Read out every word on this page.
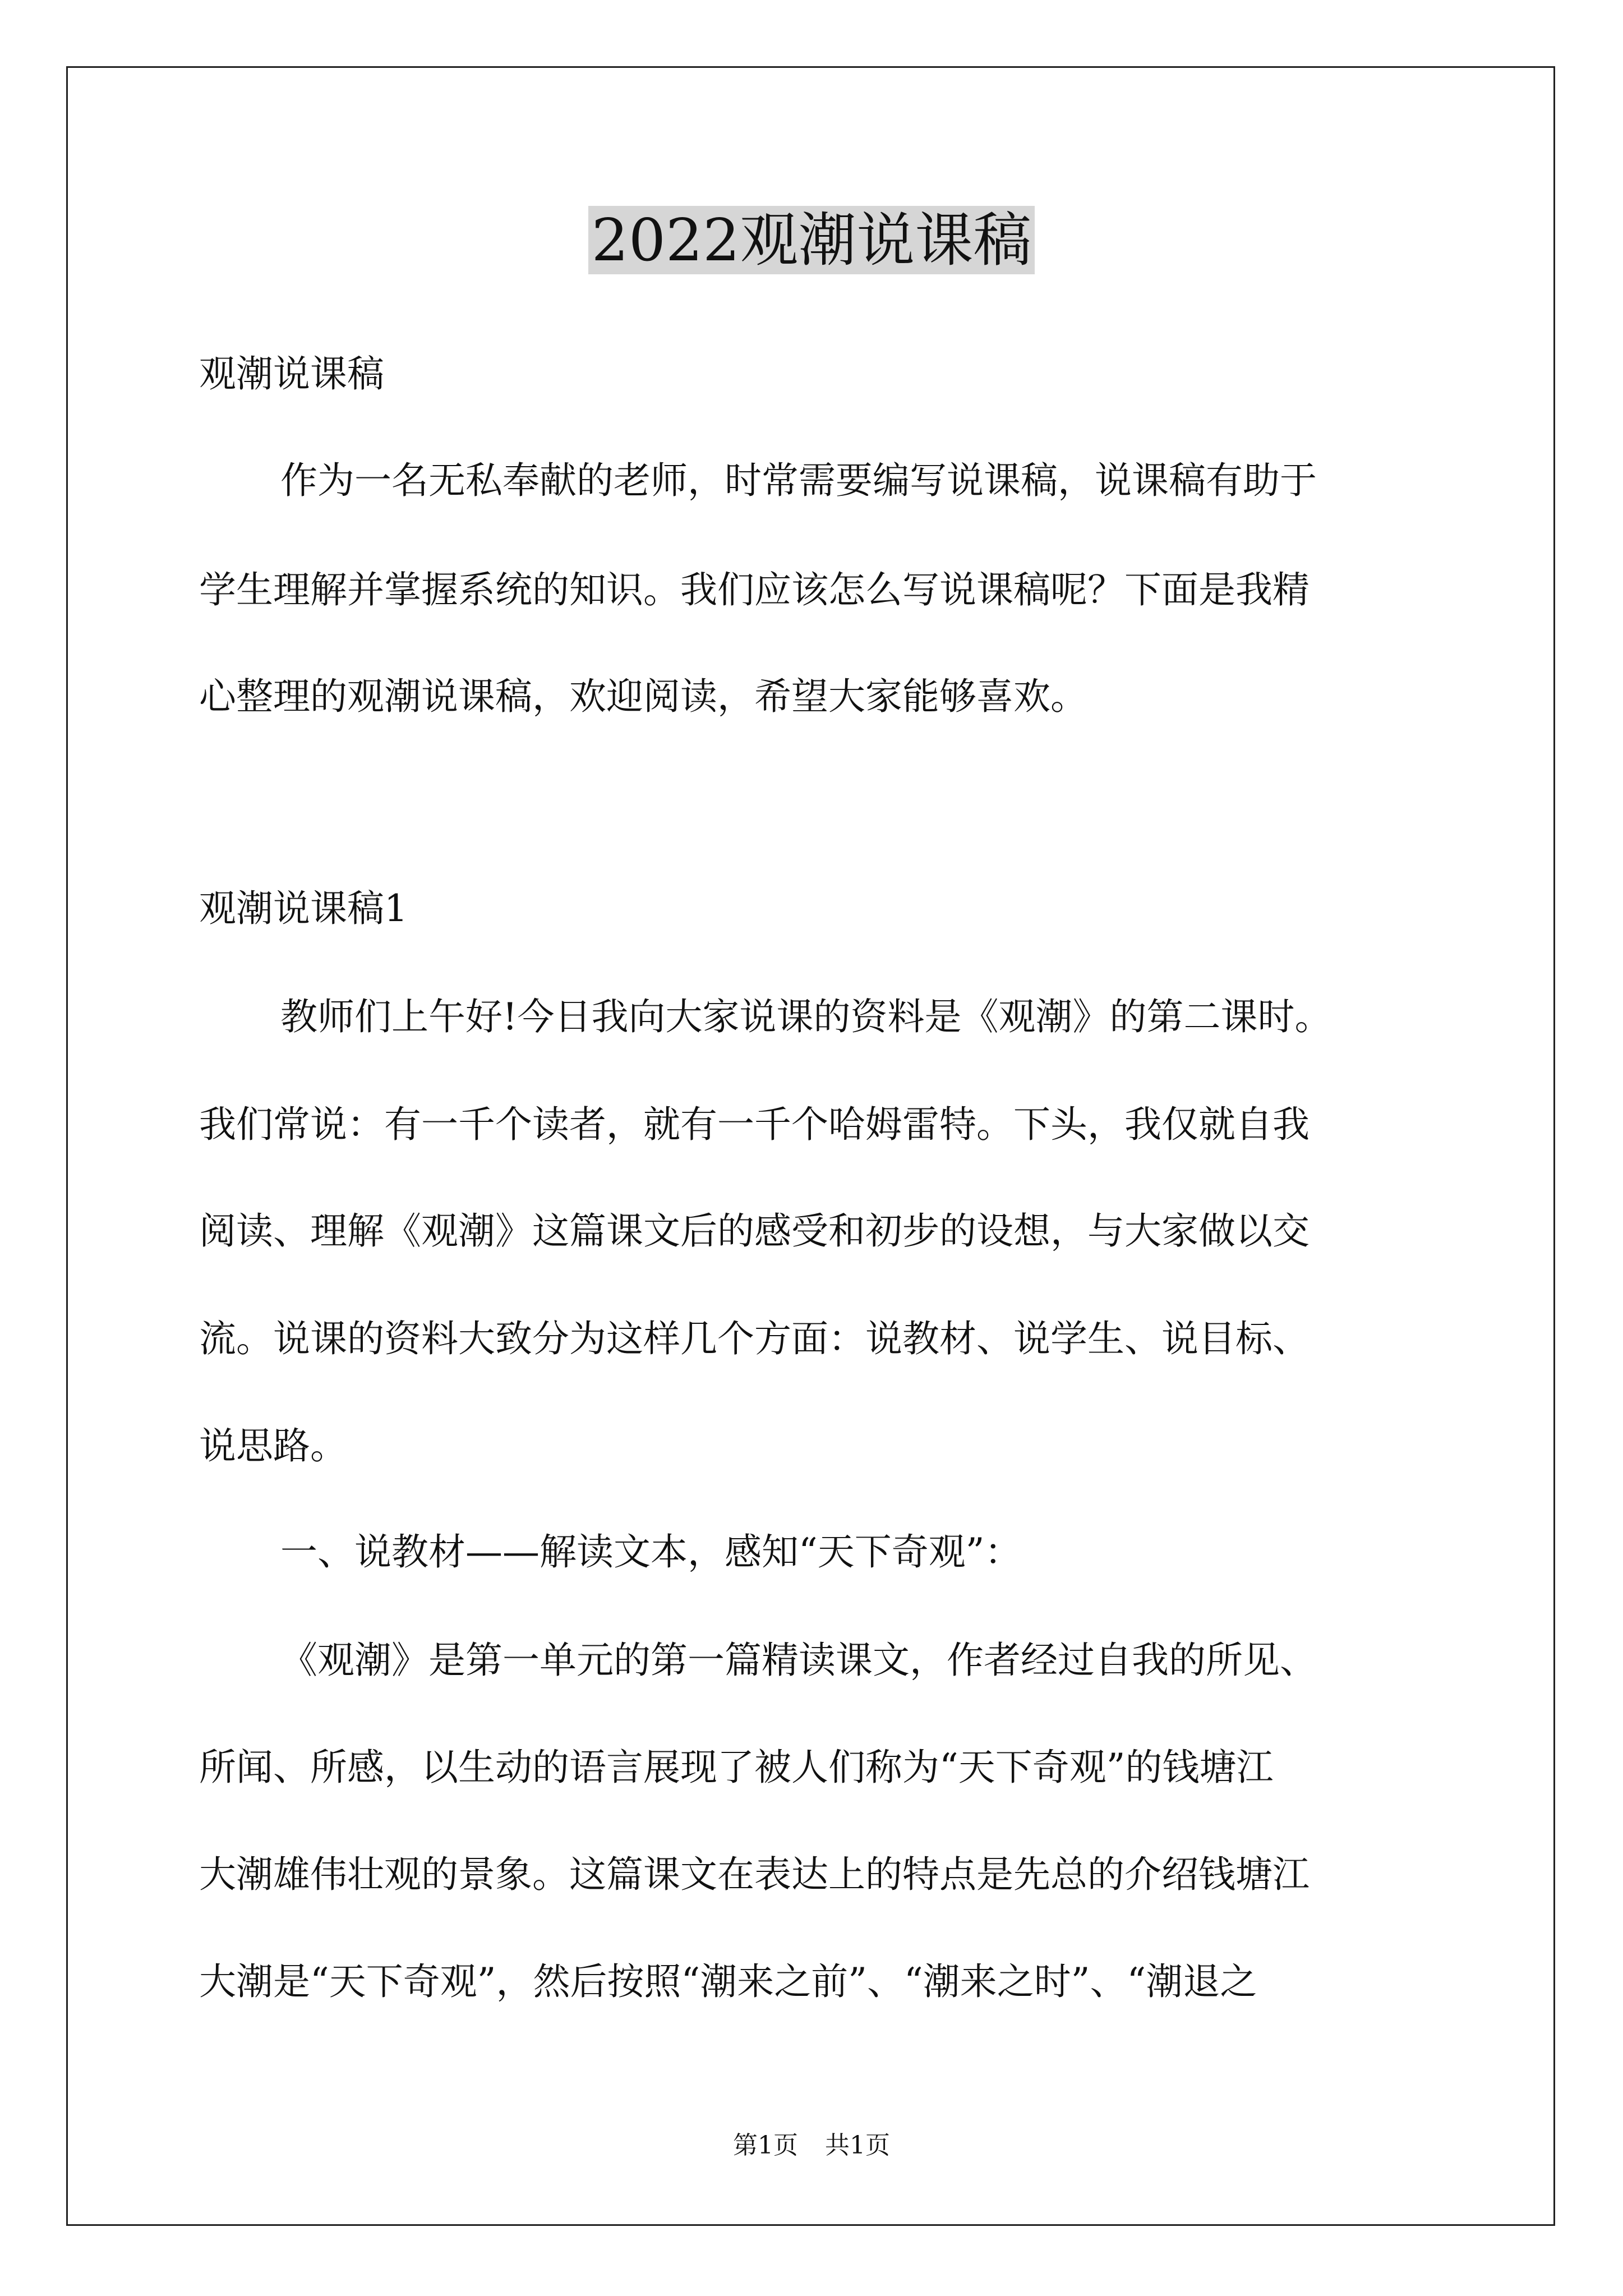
2022观潮说课稿

观潮说课稿

作为一名无私奉献的老师，时常需要编写说课稿，说课稿有助于

学生理解并掌握系统的知识。我们应该怎么写说课稿呢？下面是我精

心整理的观潮说课稿，欢迎阅读，希望大家能够喜欢。

观潮说课稿1

教师们上午好!今日我向大家说课的资料是《观潮》的第二课时。

我们常说：有一千个读者，就有一千个哈姆雷特。下头，我仅就自我

阅读、理解《观潮》这篇课文后的感受和初步的设想，与大家做以交

流。说课的资料大致分为这样几个方面：说教材、说学生、说目标、

说思路。

一、说教材——解读文本，感知“天下奇观”：

《观潮》是第一单元的第一篇精读课文，作者经过自我的所见、

所闻、所感，以生动的语言展现了被人们称为“天下奇观”的钱塘江

大潮雄伟壮观的景象。这篇课文在表达上的特点是先总的介绍钱塘江

大潮是“天下奇观”，然后按照“潮来之前”、“潮来之时”、“潮退之

第1页 共1页
